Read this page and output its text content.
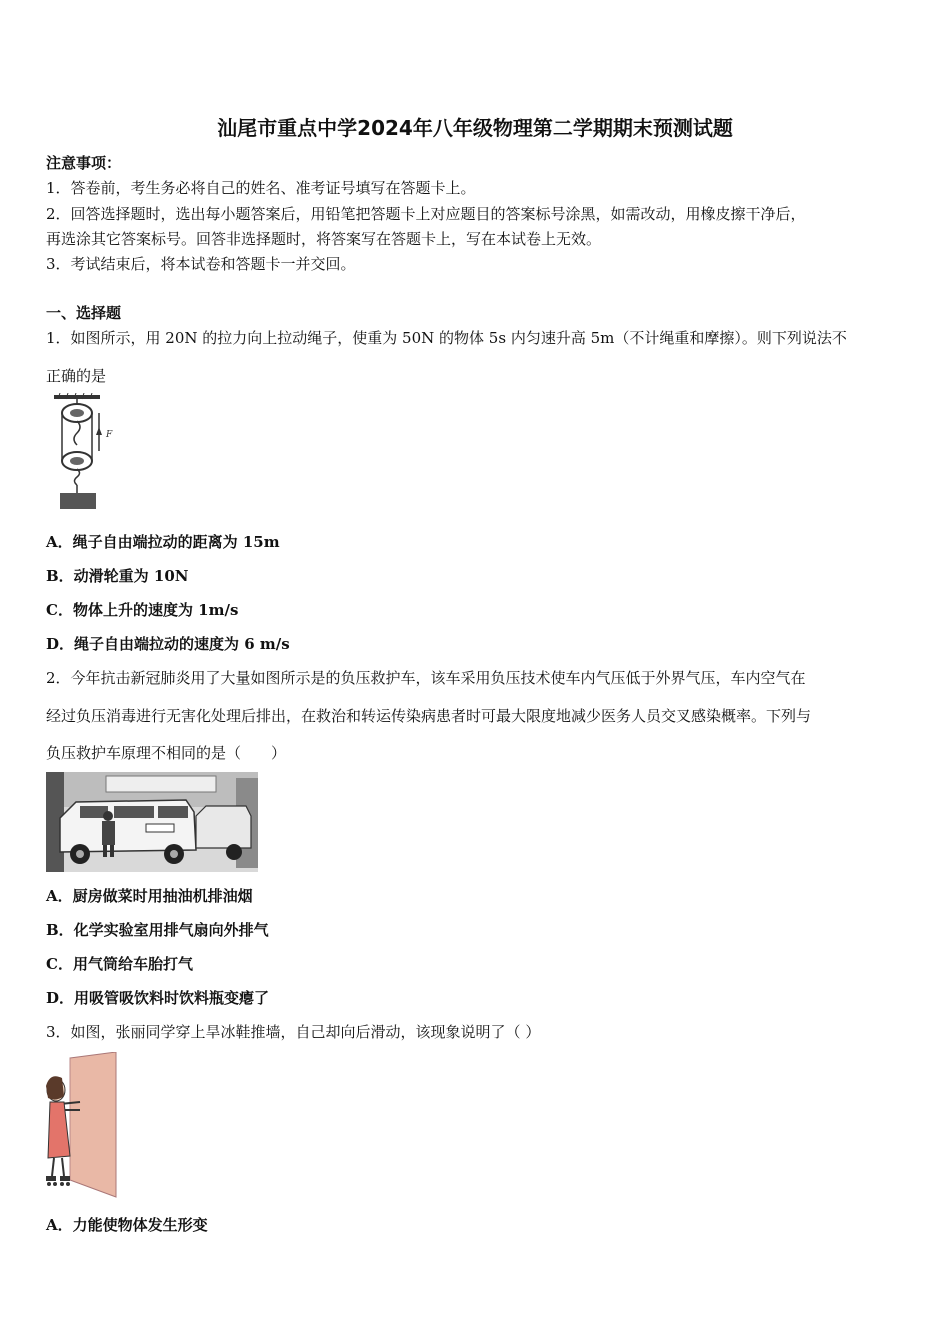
汕尾市重点中学2024年八年级物理第二学期期末预测试题
注意事项：
1．答卷前，考生务必将自己的姓名、准考证号填写在答题卡上。
2．回答选择题时，选出每小题答案后，用铅笔把答题卡上对应题目的答案标号涂黑，如需改动，用橡皮擦干净后，
再选涂其它答案标号。回答非选择题时，将答案写在答题卡上，写在本试卷上无效。
3．考试结束后，将本试卷和答题卡一并交回。
一、选择题
1．如图所示，用 20N 的拉力向上拉动绳子，使重为 50N 的物体 5s 内匀速升高 5m（不计绳重和摩擦）。则下列说法不
正确的是
F
A．绳子自由端拉动的距离为 15m
B．动滑轮重为 10N
C．物体上升的速度为 1m/s
D．绳子自由端拉动的速度为 6 m/s
2．今年抗击新冠肺炎用了大量如图所示是的负压救护车，该车采用负压技术使车内气压低于外界气压，车内空气在
经过负压消毒进行无害化处理后排出，在救治和转运传染病患者时可最大限度地减少医务人员交叉感染概率。下列与
负压救护车原理不相同的是（　　）
A．厨房做菜时用抽油机排油烟
B．化学实验室用排气扇向外排气
C．用气筒给车胎打气
D．用吸管吸饮料时饮料瓶变瘪了
3．如图，张丽同学穿上旱冰鞋推墙，自己却向后滑动，该现象说明了（ ）
A．力能使物体发生形变
